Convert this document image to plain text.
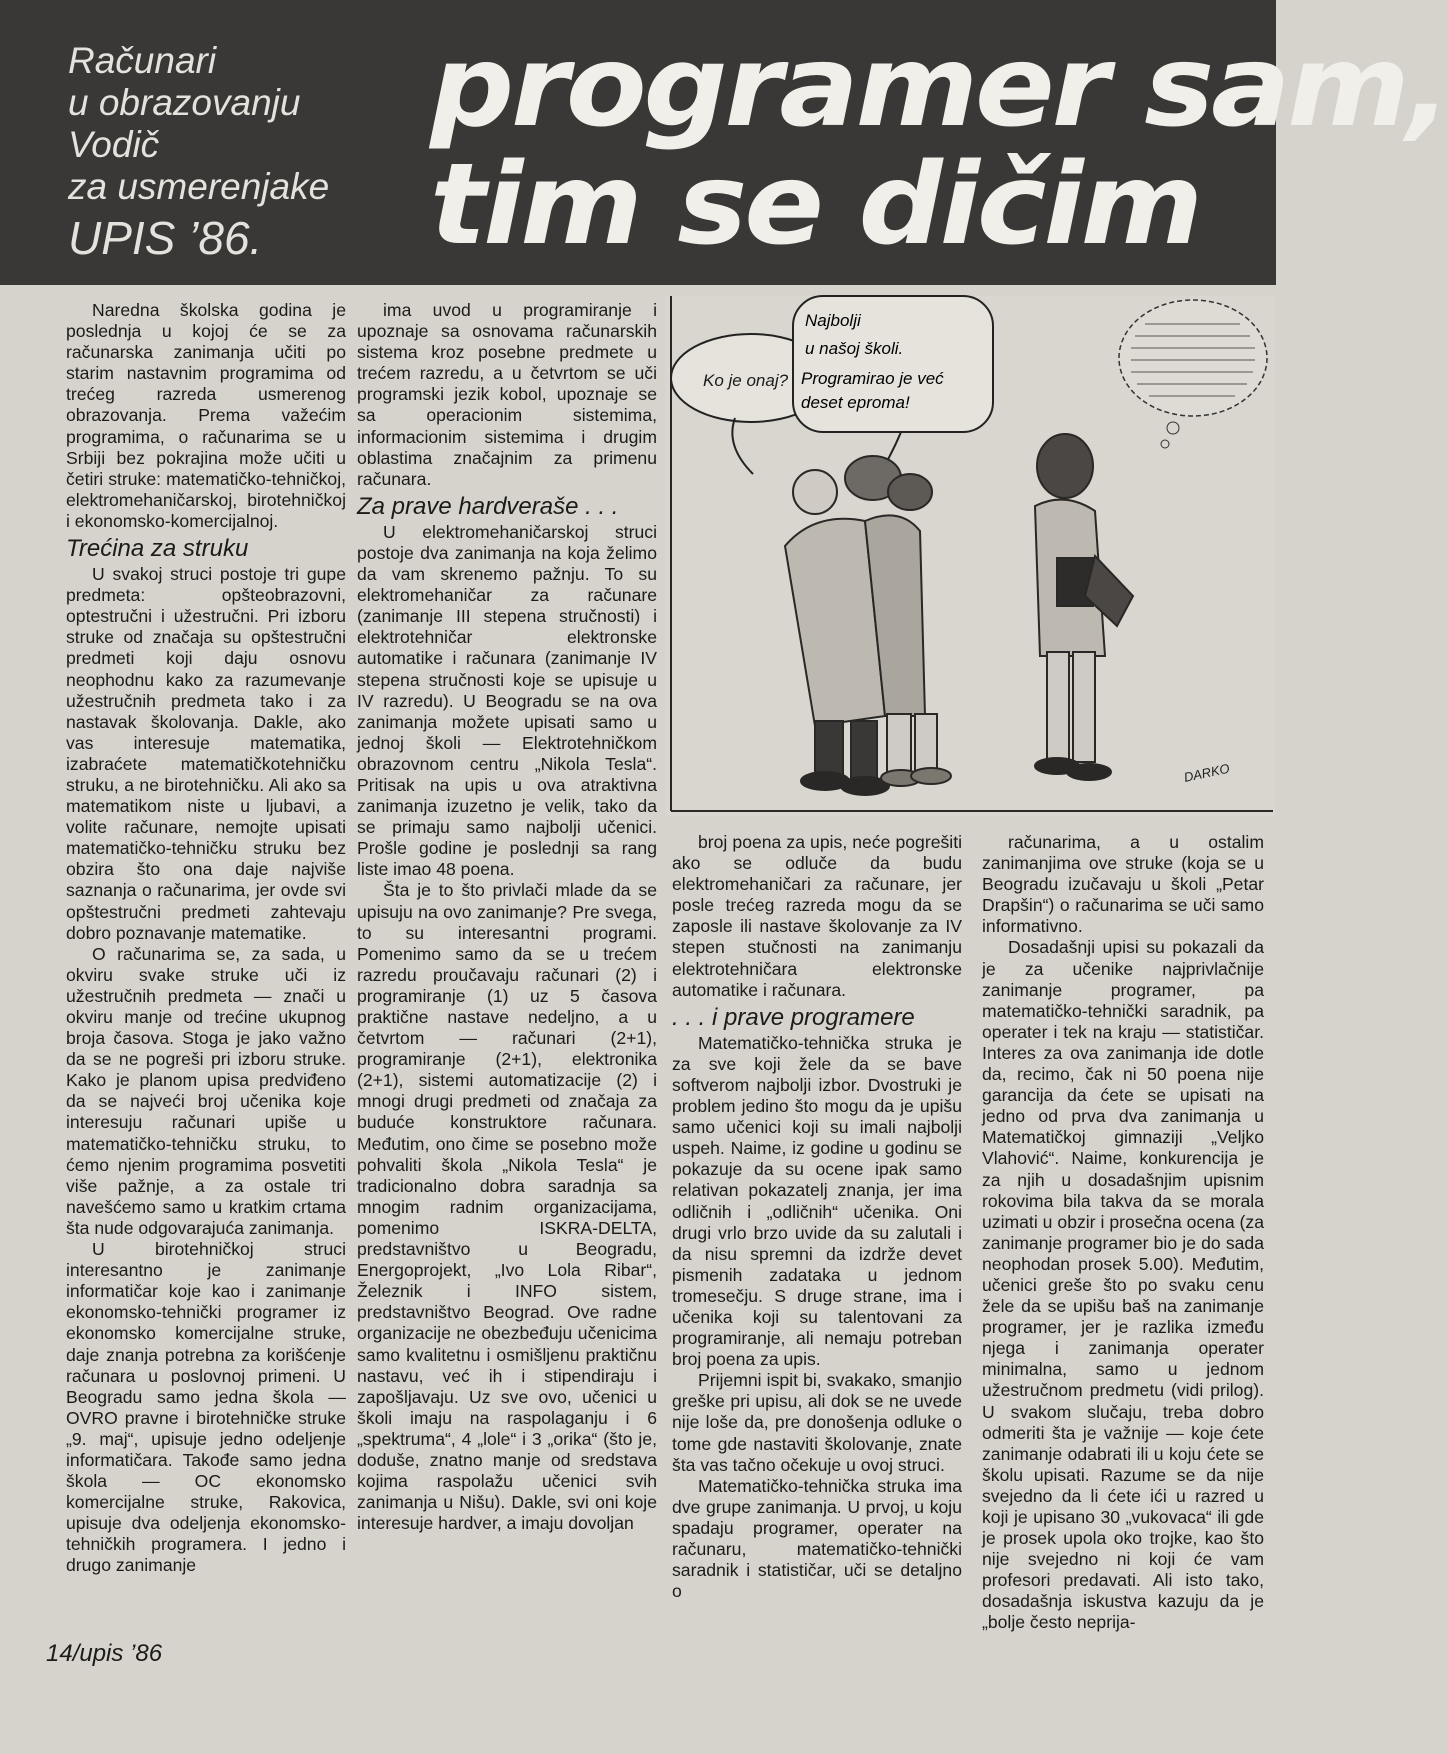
Računari
u obrazovanju
Vodič
za usmerenjake
UPIS ’86.
programer sam,
tim se dičim

Naredna školska godina je poslednja u kojoj će se za računarska zanimanja učiti po starim nastavnim programima od trećeg razreda usmerenog obrazovanja. Prema važećim programima, o računarima se u Srbiji bez pokrajina može učiti u četiri struke: matematičko-tehničkoj, elektromehaničarskoj, birotehničkoj i ekonomsko-komercijalnoj.

Trećina za struku

U svakoj struci postoje tri gupe predmeta: opšteobrazovni, optestručni i užestručni. Pri izboru struke od značaja su opštestručni predmeti koji daju osnovu neophodnu kako za razumevanje užestručnih predmeta tako i za nastavak školovanja. Dakle, ako vas interesuje matematika, izabraćete matematičkotehničku struku, a ne birotehničku. Ali ako sa matematikom niste u ljubavi, a volite računare, nemojte upisati matematičko-tehničku struku bez obzira što ona daje najviše saznanja o računarima, jer ovde svi opštestručni predmeti zahtevaju dobro poznavanje matematike.

O računarima se, za sada, u okviru svake struke uči iz užestručnih predmeta — znači u okviru manje od trećine ukupnog broja časova. Stoga je jako važno da se ne pogreši pri izboru struke. Kako je planom upisa predviđeno da se najveći broj učenika koje interesuju računari upiše u matematičko-tehničku struku, to ćemo njenim programima posvetiti više pažnje, a za ostale tri navešćemo samo u kratkim crtama šta nude odgovarajuća zanimanja.

U birotehničkoj struci interesantno je zanimanje informatičar koje kao i zanimanje ekonomsko-tehnički programer iz ekonomsko komercijalne struke, daje znanja potrebna za korišćenje računara u poslovnoj primeni. U Beogradu samo jedna škola — OVRO pravne i birotehničke struke „9. maj“, upisuje jedno odeljenje informatičara. Takođe samo jedna škola — OC ekonomsko komercijalne struke, Rakovica, upisuje dva odeljenja ekonomsko-tehničkih programera. I jedno i drugo zanimanje

ima uvod u programiranje i upoznaje sa osnovama računarskih sistema kroz posebne predmete u trećem razredu, a u četvrtom se uči programski jezik kobol, upoznaje se sa operacionim sistemima, informacionim sistemima i drugim oblastima značajnim za primenu računara.

Za prave hardveraše . . .

U elektromehaničarskoj struci postoje dva zanimanja na koja želimo da vam skrenemo pažnju. To su elektromehaničar za računare (zanimanje III stepena stručnosti) i elektrotehničar elektronske automatike i računara (zanimanje IV stepena stručnosti koje se upisuje u IV razredu). U Beogradu se na ova zanimanja možete upisati samo u jednoj školi — Elektrotehničkom obrazovnom centru „Nikola Tesla“. Pritisak na upis u ova atraktivna zanimanja izuzetno je velik, tako da se primaju samo najbolji učenici. Prošle godine je poslednji sa rang liste imao 48 poena.

Šta je to što privlači mlade da se upisuju na ovo zanimanje? Pre svega, to su interesantni programi. Pomenimo samo da se u trećem razredu proučavaju računari (2) i programiranje (1) uz 5 časova praktične nastave nedeljno, a u četvrtom — računari (2+1), programiranje (2+1), elektronika (2+1), sistemi automatizacije (2) i mnogi drugi predmeti od značaja za buduće konstruktore računara. Međutim, ono čime se posebno može pohvaliti škola „Nikola Tesla“ je tradicionalno dobra saradnja sa mnogim radnim organizacijama, pomenimo ISKRA-DELTA, predstavništvo u Beogradu, Energoprojekt, „Ivo Lola Ribar“, Železnik i INFO sistem, predstavništvo Beograd. Ove radne organizacije ne obezbeđuju učenicima samo kvalitetnu i osmišljenu praktičnu nastavu, već ih i stipendiraju i zapošljavaju. Uz sve ovo, učenici u školi imaju na raspolaganju i 6 „spektruma“, 4 „lole“ i 3 „orika“ (što je, doduše, znatno manje od sredstava kojima raspolažu učenici svih zanimanja u Nišu). Dakle, svi oni koje interesuje hardver, a imaju dovoljan

Ko je onaj?
Najbolji
u našoj školi.
Programirao je već
deset eproma!
DARKO

broj poena za upis, neće pogrešiti ako se odluče da budu elektromehaničari za računare, jer posle trećeg razreda mogu da se zaposle ili nastave školovanje za IV stepen stučnosti na zanimanju elektrotehničara elektronske automatike i računara.

. . . i prave programere

Matematičko-tehnička struka je za sve koji žele da se bave softverom najbolji izbor. Dvostruki je problem jedino što mogu da je upišu samo učenici koji su imali najbolji uspeh. Naime, iz godine u godinu se pokazuje da su ocene ipak samo relativan pokazatelj znanja, jer ima odličnih i „odličnih“ učenika. Oni drugi vrlo brzo uvide da su zalutali i da nisu spremni da izdrže devet pismenih zadataka u jednom tromesečju. S druge strane, ima i učenika koji su talentovani za programiranje, ali nemaju potreban broj poena za upis.

Prijemni ispit bi, svakako, smanjio greške pri upisu, ali dok se ne uvede nije loše da, pre donošenja odluke o tome gde nastaviti školovanje, znate šta vas tačno očekuje u ovoj struci.

Matematičko-tehnička struka ima dve grupe zanimanja. U prvoj, u koju spadaju programer, operater na računaru, matematičko-tehnički saradnik i statističar, uči se detaljno o

računarima, a u ostalim zanimanjima ove struke (koja se u Beogradu izučavaju u školi „Petar Drapšin“) o računarima se uči samo informativno.

Dosadašnji upisi su pokazali da je za učenike najprivlačnije zanimanje programer, pa matematičko-tehnički saradnik, pa operater i tek na kraju — statističar. Interes za ova zanimanja ide dotle da, recimo, čak ni 50 poena nije garancija da ćete se upisati na jedno od prva dva zanimanja u Matematičkoj gimnaziji „Veljko Vlahović“. Naime, konkurencija je za njih u dosadašnjim upisnim rokovima bila takva da se morala uzimati u obzir i prosečna ocena (za zanimanje programer bio je do sada neophodan prosek 5.00). Međutim, učenici greše što po svaku cenu žele da se upišu baš na zanimanje programer, jer je razlika između njega i zanimanja operater minimalna, samo u jednom užestručnom predmetu (vidi prilog). U svakom slučaju, treba dobro odmeriti šta je važnije — koje ćete zanimanje odabrati ili u koju ćete se školu upisati. Razume se da nije svejedno da li ćete ići u razred u koji je upisano 30 „vukovaca“ ili gde je prosek upola oko trojke, kao što nije svejedno ni koji će vam profesori predavati. Ali isto tako, dosadašnja iskustva kazuju da je „bolje često neprija-

14/upis ’86
